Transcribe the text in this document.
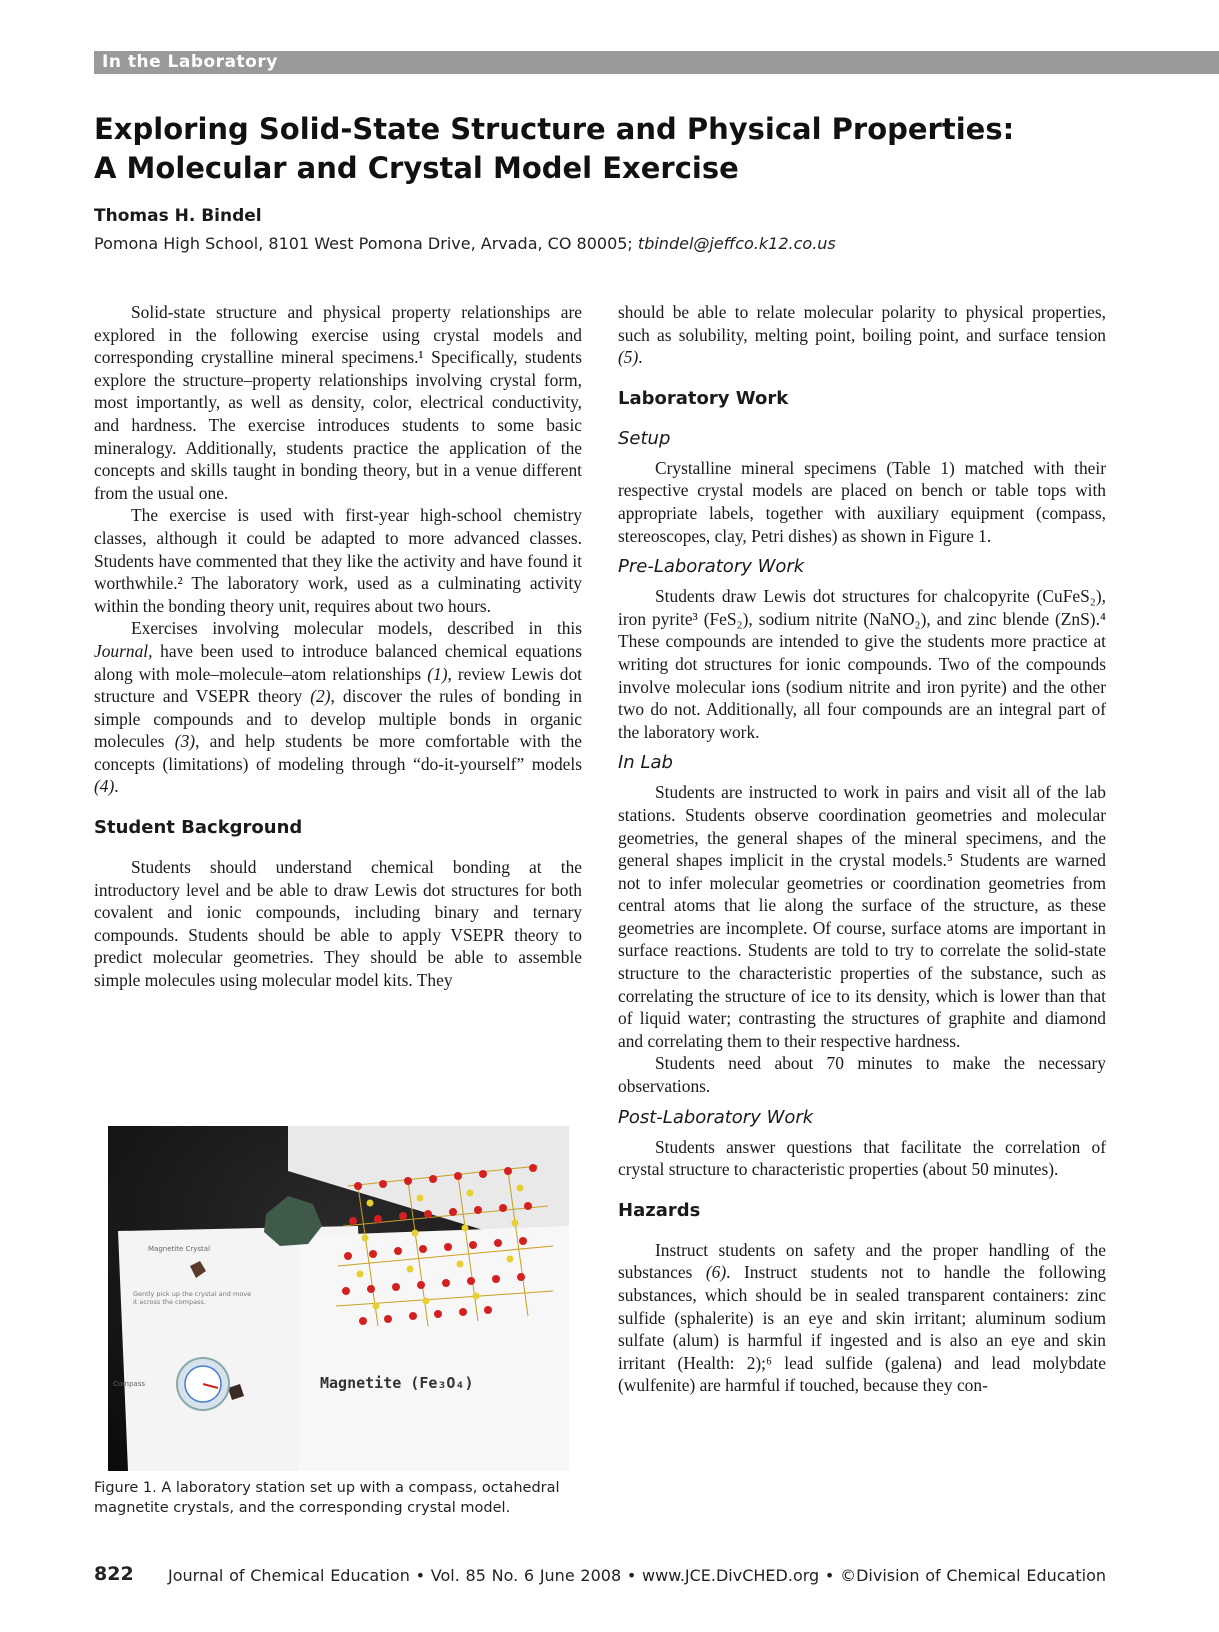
In the Laboratory
Exploring Solid-State Structure and Physical Properties:
A Molecular and Crystal Model Exercise
Thomas H. Bindel
Pomona High School, 8101 West Pomona Drive, Arvada, CO 80005; tbindel@jeffco.k12.co.us

Solid-state structure and physical property relationships are explored in the following exercise using crystal models and corresponding crystalline mineral specimens.¹ Specifically, students explore the structure–property relationships involving crystal form, most importantly, as well as density, color, electrical conductivity, and hardness. The exercise introduces students to some basic mineralogy. Additionally, students practice the application of the concepts and skills taught in bonding theory, but in a venue different from the usual one.

The exercise is used with first-year high-school chemistry classes, although it could be adapted to more advanced classes. Students have commented that they like the activity and have found it worthwhile.² The laboratory work, used as a culminating activity within the bonding theory unit, requires about two hours.

Exercises involving molecular models, described in this Journal, have been used to introduce balanced chemical equations along with mole–molecule–atom relationships (1), review Lewis dot structure and VSEPR theory (2), discover the rules of bonding in simple compounds and to develop multiple bonds in organic molecules (3), and help students be more comfortable with the concepts (limitations) of modeling through “do-it-yourself” models (4).

Student Background

Students should understand chemical bonding at the introductory level and be able to draw Lewis dot structures for both covalent and ionic compounds, including binary and ternary compounds. Students should be able to apply VSEPR theory to predict molecular geometries. They should be able to assemble simple molecules using molecular model kits. They

Magnetite Crystal
Gently pick up the crystal and move
it across the compass.
Compass	Magnetite (Fe₃O₄)
Figure 1. A laboratory station set up with a compass, octahedral magnetite crystals, and the corresponding crystal model.

should be able to relate molecular polarity to physical properties, such as solubility, melting point, boiling point, and surface tension (5).

Laboratory Work
Setup

Crystalline mineral specimens (Table 1) matched with their respective crystal models are placed on bench or table tops with appropriate labels, together with auxiliary equipment (compass, stereoscopes, clay, Petri dishes) as shown in Figure 1.

Pre-Laboratory Work

Students draw Lewis dot structures for chalcopyrite (CuFeS₂), iron pyrite³ (FeS₂), sodium nitrite (NaNO₂), and zinc blende (ZnS).⁴ These compounds are intended to give the students more practice at writing dot structures for ionic compounds. Two of the compounds involve molecular ions (sodium nitrite and iron pyrite) and the other two do not. Additionally, all four compounds are an integral part of the laboratory work.

In Lab

Students are instructed to work in pairs and visit all of the lab stations. Students observe coordination geometries and molecular geometries, the general shapes of the mineral specimens, and the general shapes implicit in the crystal models.⁵ Students are warned not to infer molecular geometries or coordination geometries from central atoms that lie along the surface of the structure, as these geometries are incomplete. Of course, surface atoms are important in surface reactions. Students are told to try to correlate the solid-state structure to the characteristic properties of the substance, such as correlating the structure of ice to its density, which is lower than that of liquid water; contrasting the structures of graphite and diamond and correlating them to their respective hardness.

Students need about 70 minutes to make the necessary observations.

Post-Laboratory Work

Students answer questions that facilitate the correlation of crystal structure to characteristic properties (about 50 minutes).

Hazards

Instruct students on safety and the proper handling of the substances (6). Instruct students not to handle the following substances, which should be in sealed transparent containers: zinc sulfide (sphalerite) is an eye and skin irritant; aluminum sodium sulfate (alum) is harmful if ingested and is also an eye and skin irritant (Health: 2);⁶ lead sulfide (galena) and lead molybdate (wulfenite) are harmful if touched, because they con-

822 Journal of Chemical Education • Vol. 85 No. 6 June 2008 • www.JCE.DivCHED.org • ©Division of Chemical Education
